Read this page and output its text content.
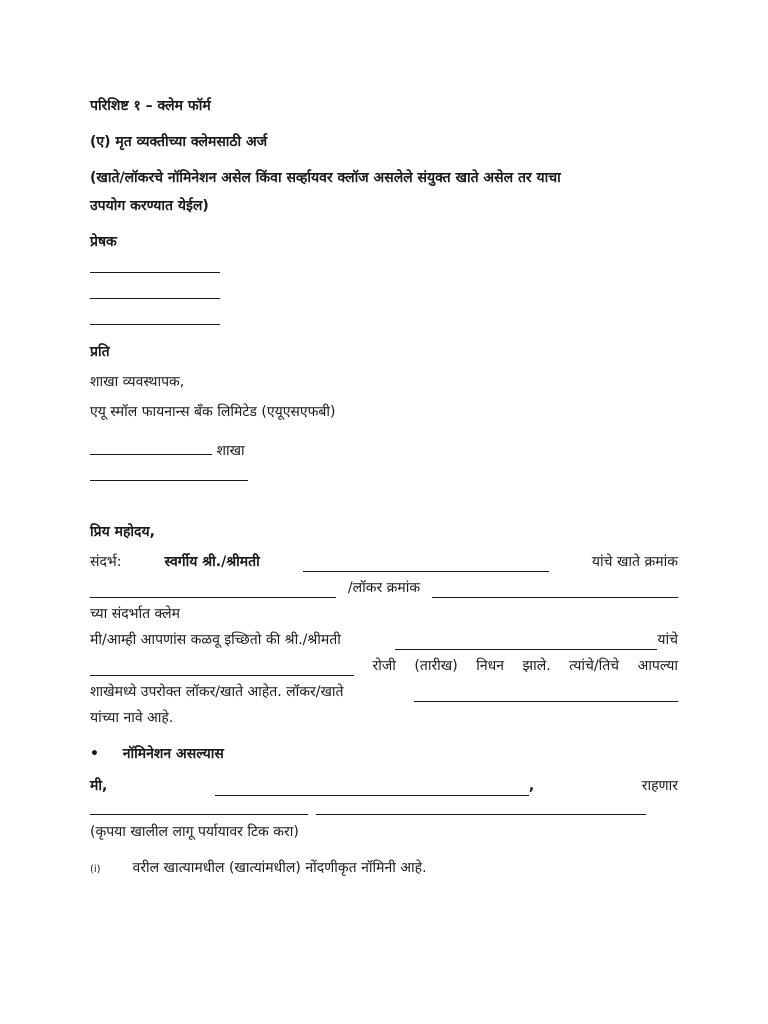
परिशिष्ट १ – क्लेम फॉर्म
(ए) मृत व्यक्तीच्या क्लेमसाठी अर्ज
(खाते/लॉकरचे नॉमिनेशन असेल किंवा सर्व्हायवर क्लॉज असलेले संयुक्त खाते असेल तर याचा
उपयोग करण्यात येईल)
प्रेषक
प्रति
शाखा व्यवस्थापक,
एयू स्मॉल फायनान्स बँक लिमिटेड (एयूएसएफबी)
शाखा
प्रिय महोदय,
संदर्भ:	स्वर्गीय श्री./श्रीमती	यांचे खाते क्रमांक
/लॉकर क्रमांक
च्या संदर्भात क्लेम
मी/आम्ही आपणांस कळवू इच्छितो की श्री./श्रीमती	यांचे
रोजी (तारीख) निधन झाले. त्यांचे/तिचे आपल्या
शाखेमध्ये उपरोक्त लॉकर/खाते आहेत. लॉकर/खाते
यांच्या नावे आहे.
• नॉमिनेशन असल्यास
मी,	,	राहणार

(कृपया खालील लागू पर्यायावर टिक करा)
(i) वरील खात्यामधील (खात्यांमधील) नोंदणीकृत नॉमिनी आहे.
